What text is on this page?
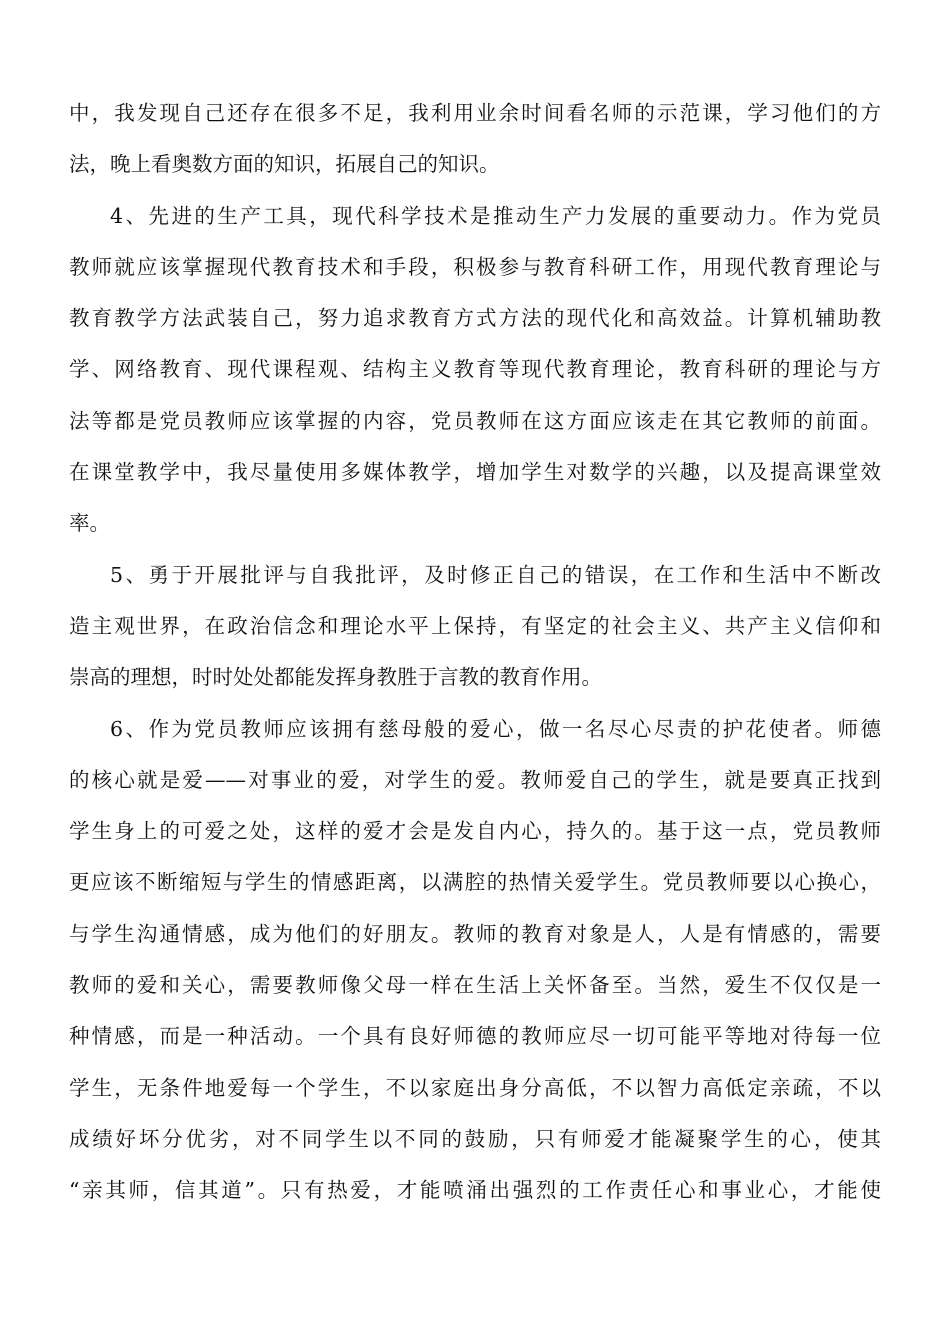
中，我发现自己还存在很多不足，我利用业余时间看名师的示范课，学习他们的方
法，晚上看奥数方面的知识，拓展自己的知识。
4、先进的生产工具，现代科学技术是推动生产力发展的重要动力。作为党员
教师就应该掌握现代教育技术和手段，积极参与教育科研工作，用现代教育理论与
教育教学方法武装自己，努力追求教育方式方法的现代化和高效益。计算机辅助教
学、网络教育、现代课程观、结构主义教育等现代教育理论，教育科研的理论与方
法等都是党员教师应该掌握的内容，党员教师在这方面应该走在其它教师的前面。
在课堂教学中，我尽量使用多媒体教学，增加学生对数学的兴趣，以及提高课堂效
率。
5、勇于开展批评与自我批评，及时修正自己的错误，在工作和生活中不断改
造主观世界，在政治信念和理论水平上保持，有坚定的社会主义、共产主义信仰和
崇高的理想，时时处处都能发挥身教胜于言教的教育作用。
6、作为党员教师应该拥有慈母般的爱心，做一名尽心尽责的护花使者。师德
的核心就是爱——对事业的爱，对学生的爱。教师爱自己的学生，就是要真正找到
学生身上的可爱之处，这样的爱才会是发自内心，持久的。基于这一点，党员教师
更应该不断缩短与学生的情感距离，以满腔的热情关爱学生。党员教师要以心换心，
与学生沟通情感，成为他们的好朋友。教师的教育对象是人，人是有情感的，需要
教师的爱和关心，需要教师像父母一样在生活上关怀备至。当然，爱生不仅仅是一
种情感，而是一种活动。一个具有良好师德的教师应尽一切可能平等地对待每一位
学生，无条件地爱每一个学生，不以家庭出身分高低，不以智力高低定亲疏，不以
成绩好坏分优劣，对不同学生以不同的鼓励，只有师爱才能凝聚学生的心，使其
“亲其师，信其道”。只有热爱，才能喷涌出强烈的工作责任心和事业心，才能使
